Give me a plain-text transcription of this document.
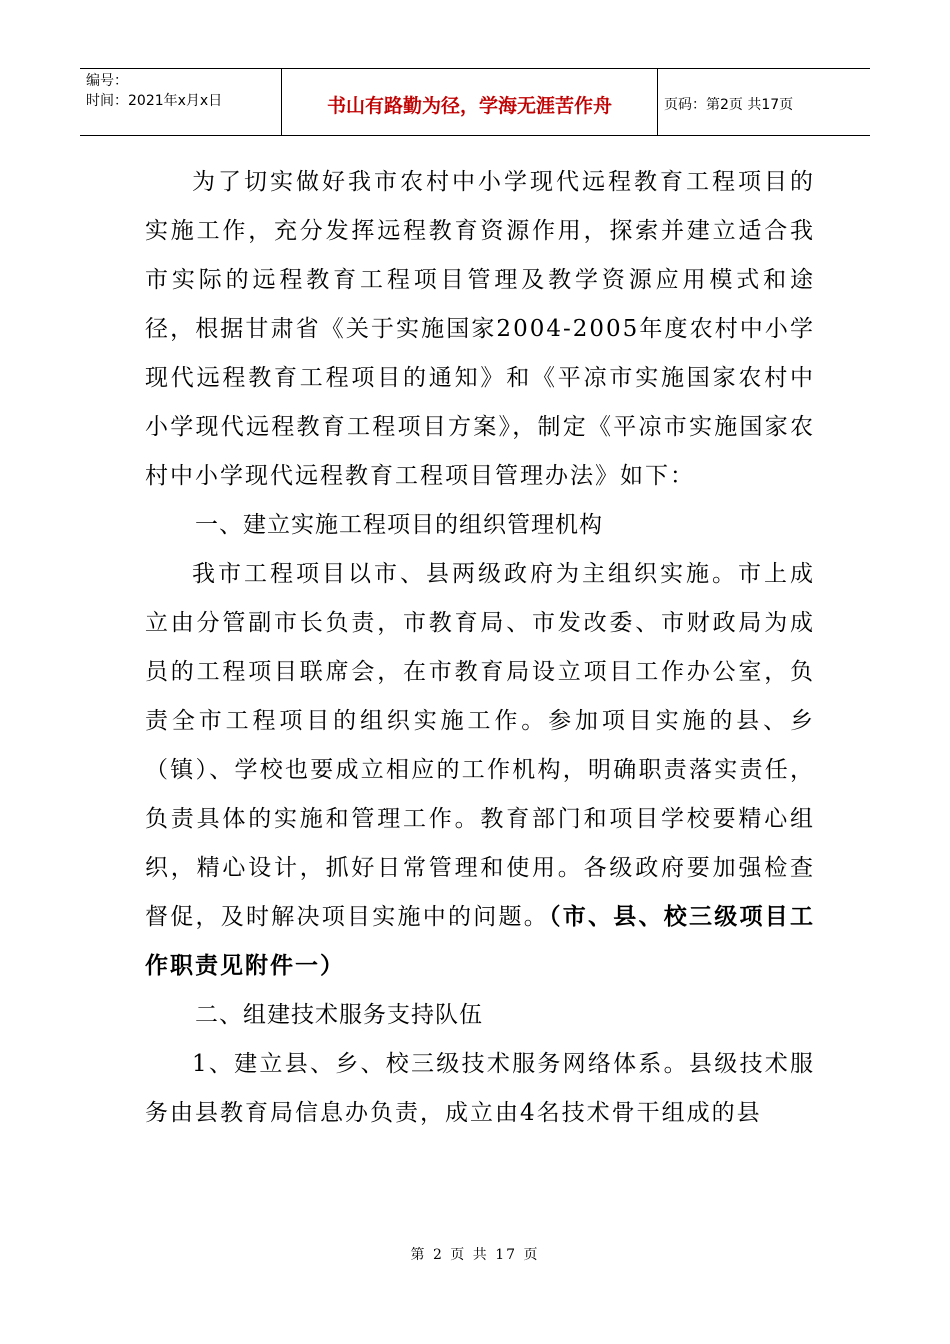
编号：
时间：2021年x月x日	书山有路勤为径，学海无涯苦作舟	页码：第2页 共17页

为了切实做好我市农村中小学现代远程教育工程项目的实施工作，充分发挥远程教育资源作用，探索并建立适合我市实际的远程教育工程项目管理及教学资源应用模式和途径，根据甘肃省《关于实施国家2004-2005年度农村中小学现代远程教育工程项目的通知》和《平凉市实施国家农村中小学现代远程教育工程项目方案》，制定《平凉市实施国家农村中小学现代远程教育工程项目管理办法》如下：

一、建立实施工程项目的组织管理机构

我市工程项目以市、县两级政府为主组织实施。市上成立由分管副市长负责，市教育局、市发改委、市财政局为成员的工程项目联席会，在市教育局设立项目工作办公室，负责全市工程项目的组织实施工作。参加项目实施的县、乡（镇）、学校也要成立相应的工作机构，明确职责落实责任，负责具体的实施和管理工作。教育部门和项目学校要精心组织，精心设计，抓好日常管理和使用。各级政府要加强检查督促，及时解决项目实施中的问题。（市、县、校三级项目工作职责见附件一）

二、组建技术服务支持队伍

1、建立县、乡、校三级技术服务网络体系。县级技术服务由县教育局信息办负责，成立由4名技术骨干组成的县

第 2 页 共 17 页
